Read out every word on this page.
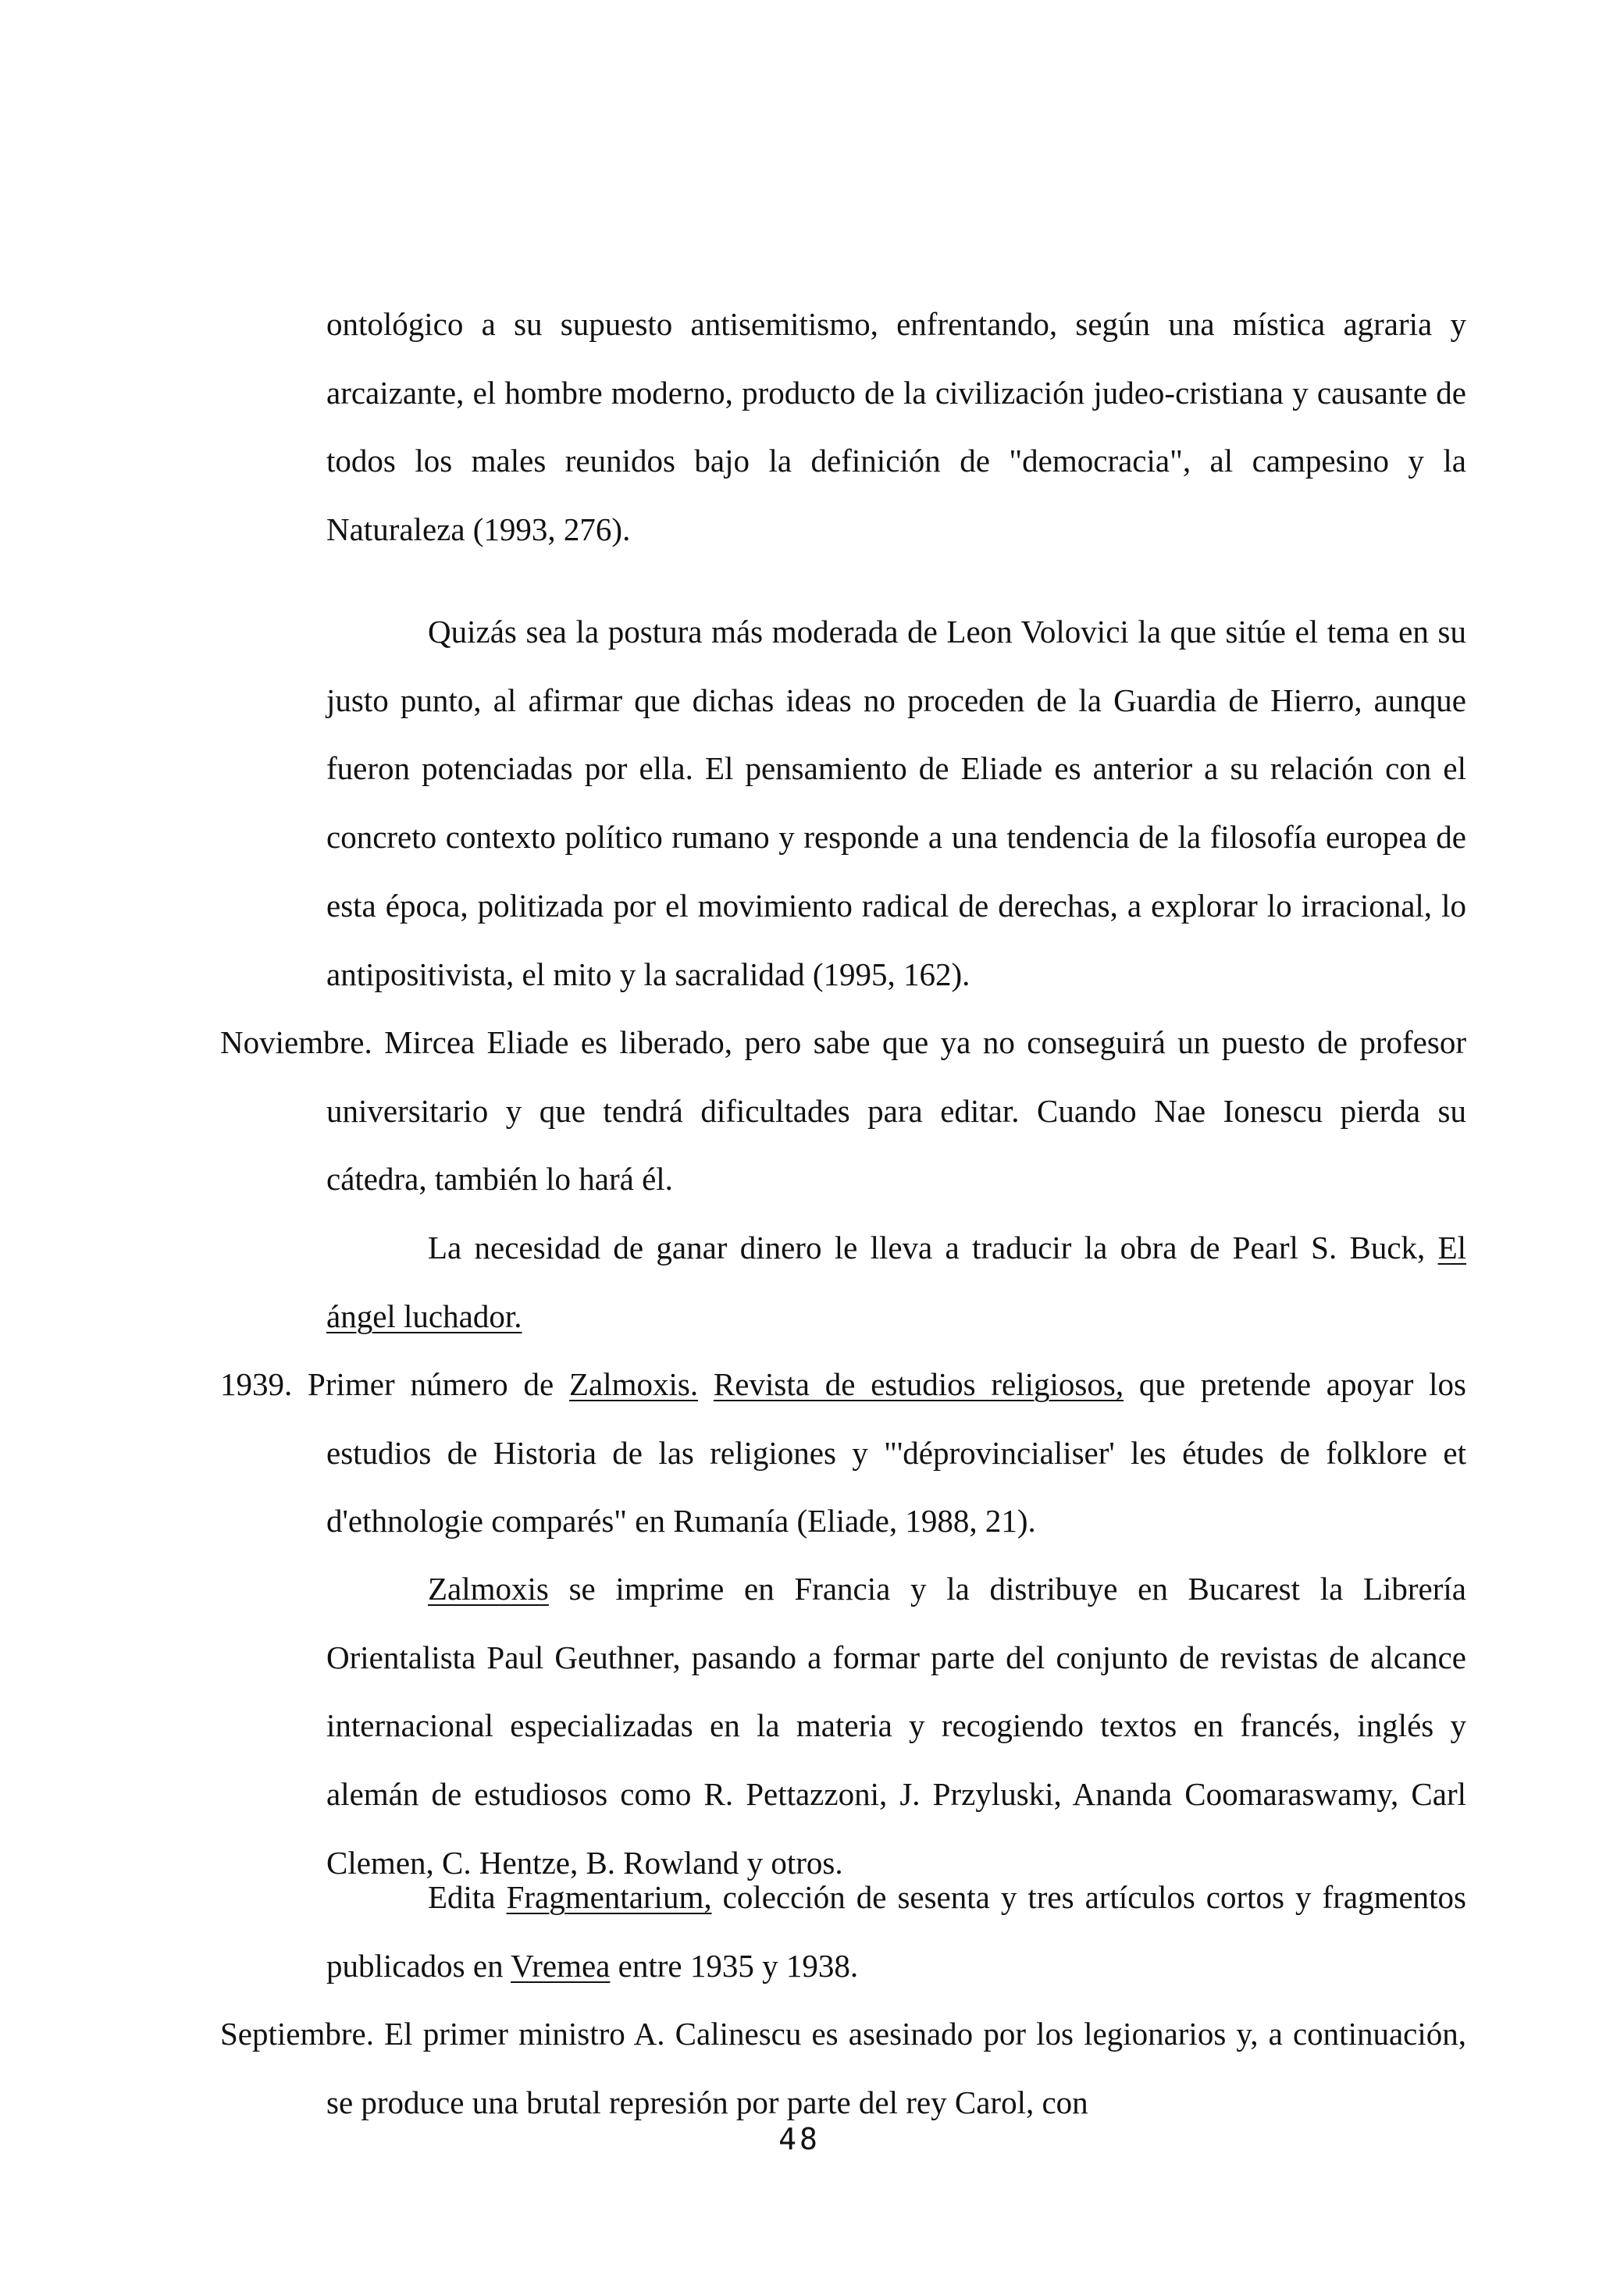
ontológico a su supuesto antisemitismo, enfrentando, según una mística agraria y arcaizante, el hombre moderno, producto de la civilización judeo-cristiana y causante de todos los males reunidos bajo la definición de "democracia", al campesino y la Naturaleza (1993, 276).

Quizás sea la postura más moderada de Leon Volovici la que sitúe el tema en su justo punto, al afirmar que dichas ideas no proceden de la Guardia de Hierro, aunque fueron potenciadas por ella. El pensamiento de Eliade es anterior a su relación con el concreto contexto político rumano y responde a una tendencia de la filosofía europea de esta época, politizada por el movimiento radical de derechas, a explorar lo irracional, lo antipositivista, el mito y la sacralidad (1995, 162).

Noviembre. Mircea Eliade es liberado, pero sabe que ya no conseguirá un puesto de profesor universitario y que tendrá dificultades para editar. Cuando Nae Ionescu pierda su cátedra, también lo hará él.

La necesidad de ganar dinero le lleva a traducir la obra de Pearl S. Buck, El ángel luchador.

1939. Primer número de Zalmoxis. Revista de estudios religiosos, que pretende apoyar los estudios de Historia de las religiones y "'déprovincialiser' les études de folklore et d'ethnologie comparés" en Rumanía (Eliade, 1988, 21).

Zalmoxis se imprime en Francia y la distribuye en Bucarest la Librería Orientalista Paul Geuthner, pasando a formar parte del conjunto de revistas de alcance internacional especializadas en la materia y recogiendo textos en francés, inglés y alemán de estudiosos como R. Pettazzoni, J. Przyluski, Ananda Coomaraswamy, Carl Clemen, C. Hentze, B. Rowland y otros.

Edita Fragmentarium, colección de sesenta y tres artículos cortos y fragmentos publicados en Vremea entre 1935 y 1938.

Septiembre. El primer ministro A. Calinescu es asesinado por los legionarios y, a continuación, se produce una brutal represión por parte del rey Carol, con

48
